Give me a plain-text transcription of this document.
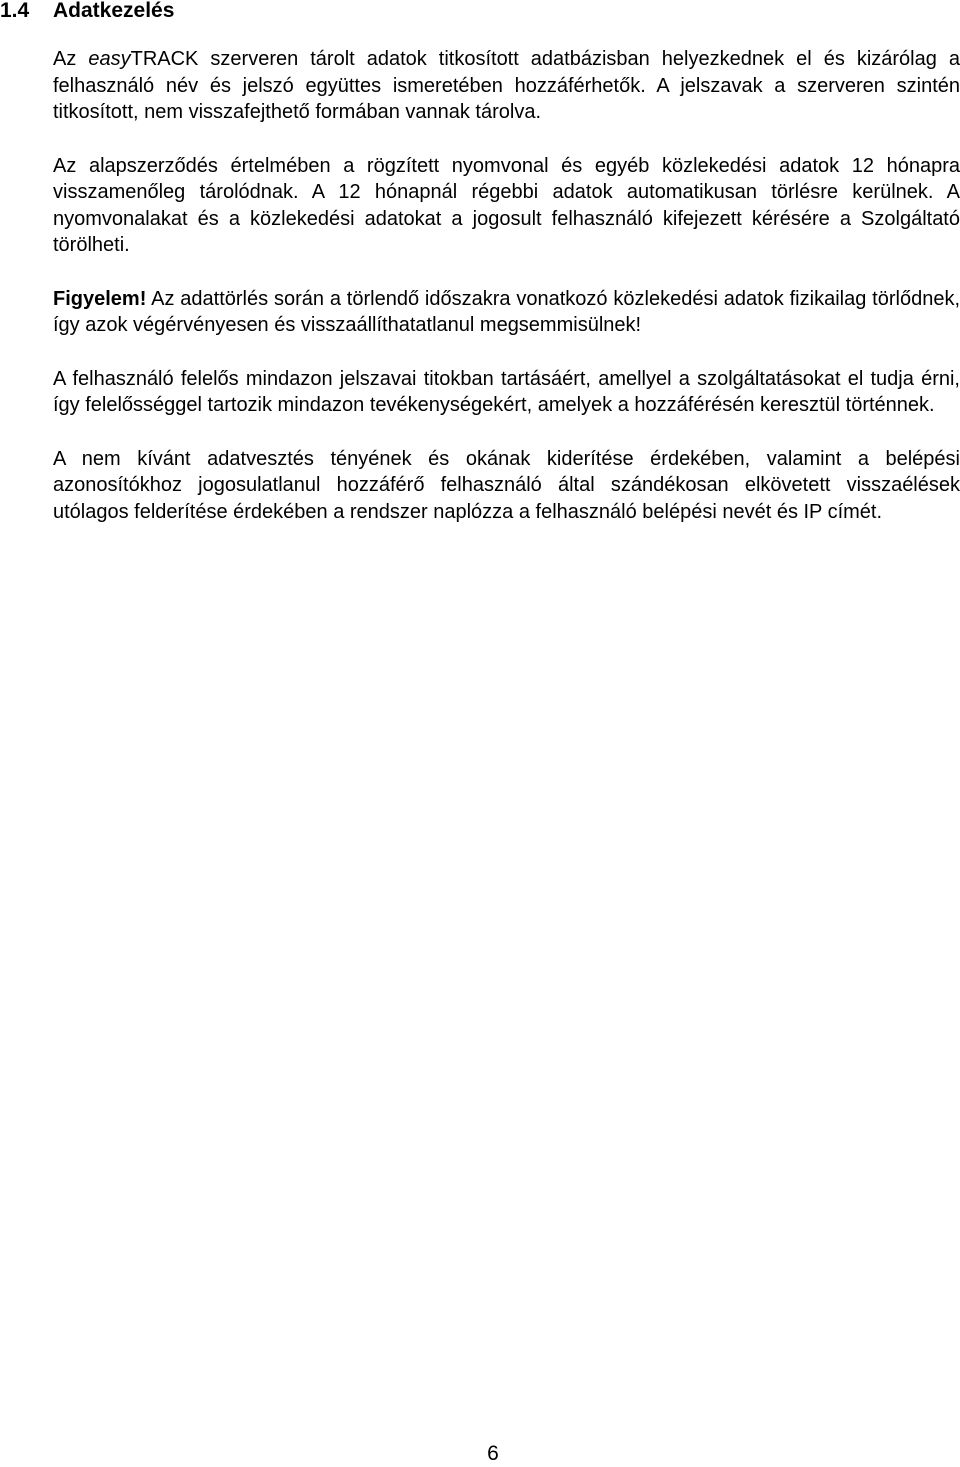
1.4 Adatkezelés

Az easyTRACK szerveren tárolt adatok titkosított adatbázisban helyezkednek el és kizárólag a felhasználó név és jelszó együttes ismeretében hozzáférhetők. A jelszavak a szerveren szintén titkosított, nem visszafejthető formában vannak tárolva.

Az alapszerződés értelmében a rögzített nyomvonal és egyéb közlekedési adatok 12 hónapra visszamenőleg tárolódnak. A 12 hónapnál régebbi adatok automatikusan törlésre kerülnek. A nyomvonalakat és a közlekedési adatokat a jogosult felhasználó kifejezett kérésére a Szolgáltató törölheti.

Figyelem! Az adattörlés során a törlendő időszakra vonatkozó közlekedési adatok fizikailag törlődnek, így azok végérvényesen és visszaállíthatatlanul megsemmisülnek!

A felhasználó felelős mindazon jelszavai titokban tartásáért, amellyel a szolgáltatásokat el tudja érni, így felelősséggel tartozik mindazon tevékenységekért, amelyek a hozzáférésén keresztül történnek.

A nem kívánt adatvesztés tényének és okának kiderítése érdekében, valamint a belépési azonosítókhoz jogosulatlanul hozzáférő felhasználó által szándékosan elkövetett visszaélések utólagos felderítése érdekében a rendszer naplózza a felhasználó belépési nevét és IP címét.

6
